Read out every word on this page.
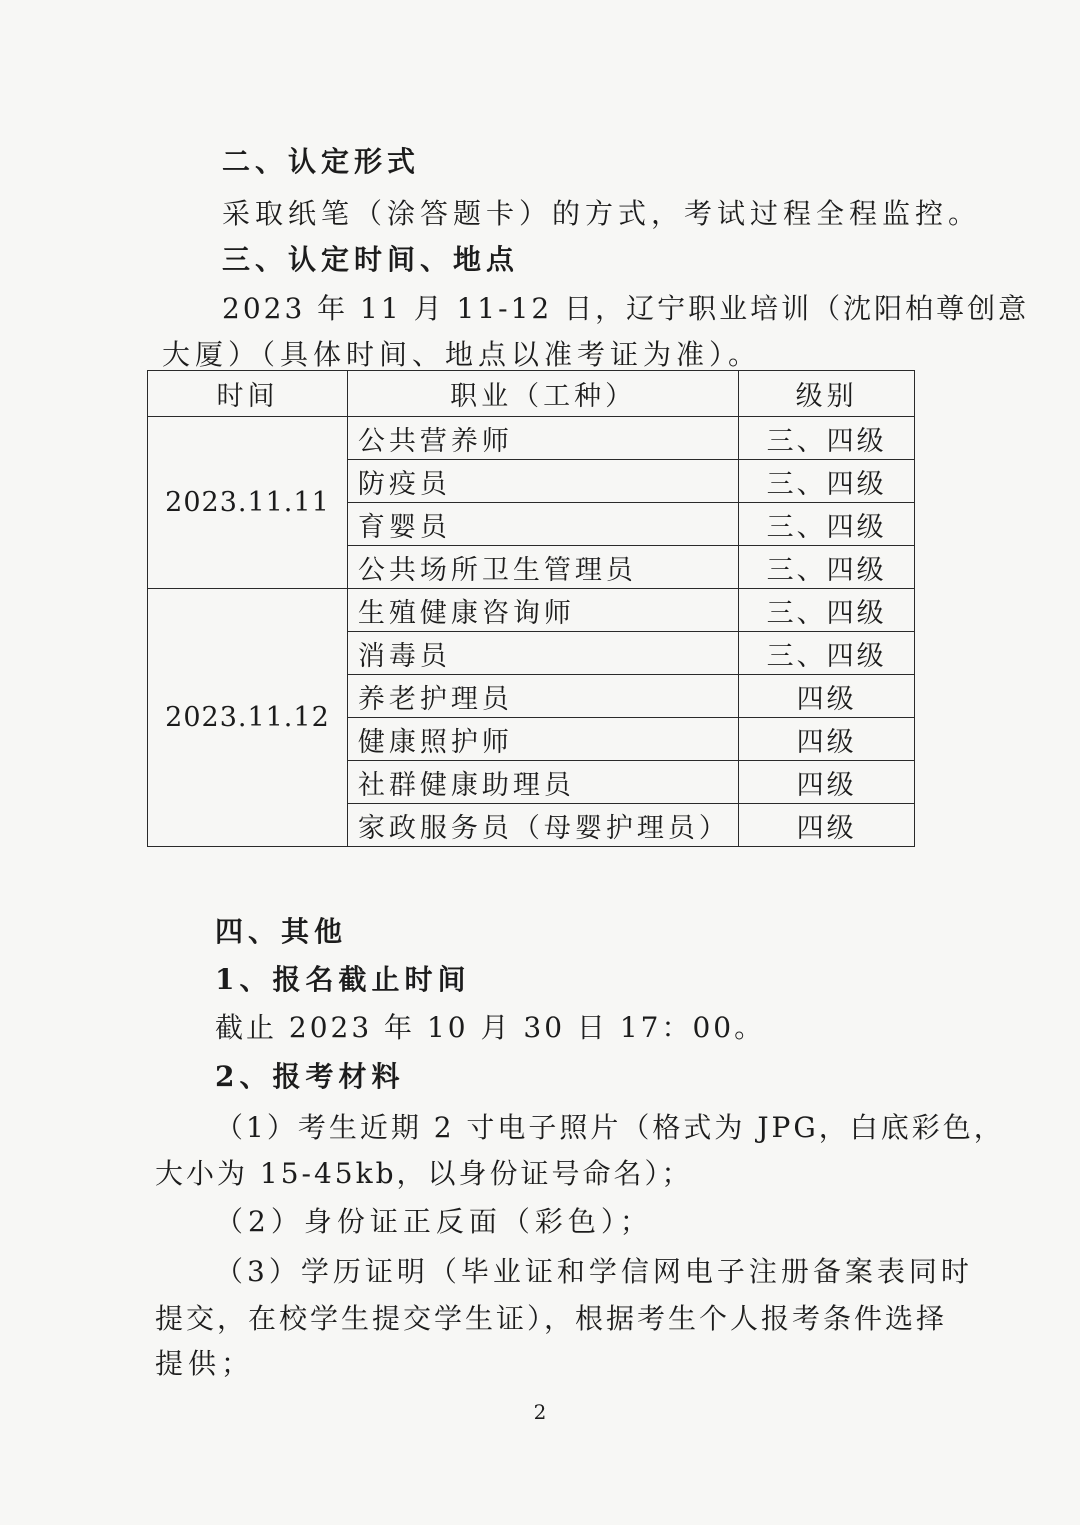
二、认定形式
采取纸笔（涂答题卡）的方式，考试过程全程监控。
三、认定时间、地点
2023 年 11 月 11-12 日，辽宁职业培训（沈阳柏尊创意
大厦）（具体时间、地点以准考证为准）。
时间	职业（工种）	级别
2023.11.11	公共营养师	三、四级
	防疫员	三、四级
	育婴员	三、四级
	公共场所卫生管理员	三、四级
2023.11.12	生殖健康咨询师	三、四级
	消毒员	三、四级
	养老护理员	四级
	健康照护师	四级
	社群健康助理员	四级
	家政服务员（母婴护理员）	四级
四、其他
1、报名截止时间
截止 2023 年 10 月 30 日 17：00。
2、报考材料
（1）考生近期 2 寸电子照片（格式为 JPG，白底彩色，
大小为 15-45kb，以身份证号命名）；
（2）身份证正反面（彩色）；
（3）学历证明（毕业证和学信网电子注册备案表同时
提交，在校学生提交学生证），根据考生个人报考条件选择
提供；
2
